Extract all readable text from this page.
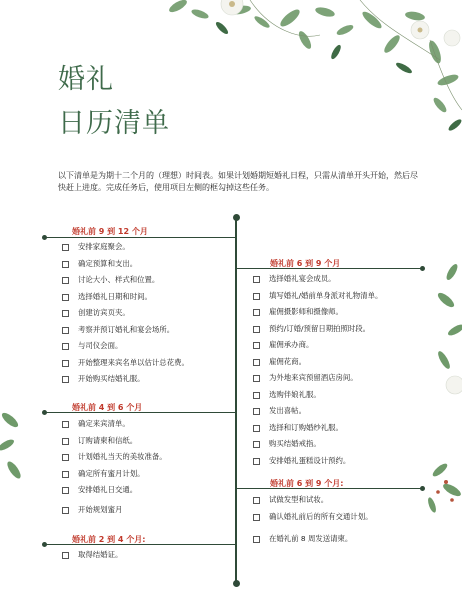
婚礼
日历清单

以下清单是为期十二个月的（理想）时间表。如果计划婚期短婚礼日程，只需从清单开头开始，然后尽快赶上进度。完成任务后，使用项目左侧的框勾掉这些任务。

婚礼前 9 到 12 个月
安排家庭聚会。
确定预算和支出。
讨论大小、样式和位置。
选择婚礼日期和时间。
创建访宾页夹。
考察并预订婚礼和宴会场所。
与司仪会面。
开始整理来宾名单以估计总花费。
开始购买结婚礼服。
婚礼前 4 到 6 个月
确定来宾清单。
订购请柬和信纸。
计划婚礼当天的美妆准备。
确定所有蜜月计划。
安排婚礼日交通。
开始规划蜜月
婚礼前 2 到 4 个月:
取得结婚证。
婚礼前 6 到 9 个月
选择婚礼宴会成员。
填写婚礼/婚前单身派对礼物清单。
雇佣摄影师和摄像师。
预约/订婚/预留日期拍照时段。
雇佣承办商。
雇佣花商。
为外地来宾预留酒店房间。
选购伴娘礼服。
发出喜帖。
选择和订购婚纱礼服。
购买结婚戒指。
安排婚礼蛋糕设计预约。
婚礼前 6 到 9 个月:
试做发型和试妆。
确认婚礼前后的所有交通计划。
在婚礼前 8 周发送请柬。
